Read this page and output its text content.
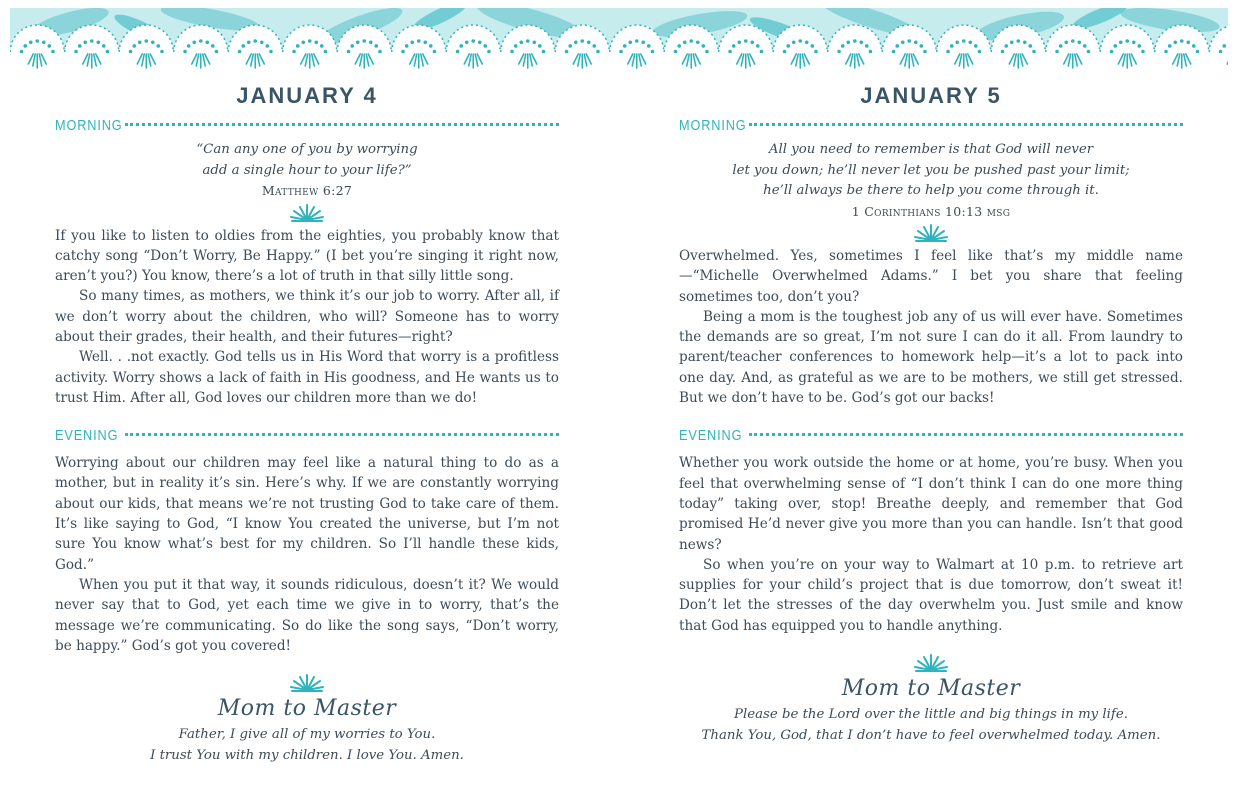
JANUARY 4
MORNING
“Can any one of you by worrying
add a single hour to your life?”
Matthew 6:27

If you like to listen to oldies from the eighties, you probably know that catchy song “Don’t Worry, Be Happy.” (I bet you’re singing it right now, aren’t you?) You know, there’s a lot of truth in that silly little song.

So many times, as mothers, we think it’s our job to worry. After all, if we don’t worry about the children, who will? Someone has to worry about their grades, their health, and their futures—right?

Well. . .not exactly. God tells us in His Word that worry is a profitless activity. Worry shows a lack of faith in His goodness, and He wants us to trust Him. After all, God loves our children more than we do!

EVENING

Worrying about our children may feel like a natural thing to do as a mother, but in reality it’s sin. Here’s why. If we are constantly worrying about our kids, that means we’re not trusting God to take care of them. It’s like saying to God, “I know You created the universe, but I’m not sure You know what’s best for my children. So I’ll handle these kids, God.”

When you put it that way, it sounds ridiculous, doesn’t it? We would never say that to God, yet each time we give in to worry, that’s the message we’re communicating. So do like the song says, “Don’t worry, be happy.” God’s got you covered!

Mom to Master
Father, I give all of my worries to You.
I trust You with my children. I love You. Amen.
JANUARY 5
MORNING
All you need to remember is that God will never
let you down; he’ll never let you be pushed past your limit;
he’ll always be there to help you come through it.
1 Corinthians 10:13 msg

Overwhelmed. Yes, sometimes I feel like that’s my middle name—“Michelle Overwhelmed Adams.” I bet you share that feeling sometimes too, don’t you?

Being a mom is the toughest job any of us will ever have. Sometimes the demands are so great, I’m not sure I can do it all. From laundry to parent/teacher conferences to homework help—it’s a lot to pack into one day. And, as grateful as we are to be mothers, we still get stressed. But we don’t have to be. God’s got our backs!

EVENING

Whether you work outside the home or at home, you’re busy. When you feel that overwhelming sense of “I don’t think I can do one more thing today” taking over, stop! Breathe deeply, and remember that God promised He’d never give you more than you can handle. Isn’t that good news?

So when you’re on your way to Walmart at 10 p.m. to retrieve art supplies for your child’s project that is due tomorrow, don’t sweat it! Don’t let the stresses of the day overwhelm you. Just smile and know that God has equipped you to handle anything.

Mom to Master
Please be the Lord over the little and big things in my life.
Thank You, God, that I don’t have to feel overwhelmed today. Amen.
